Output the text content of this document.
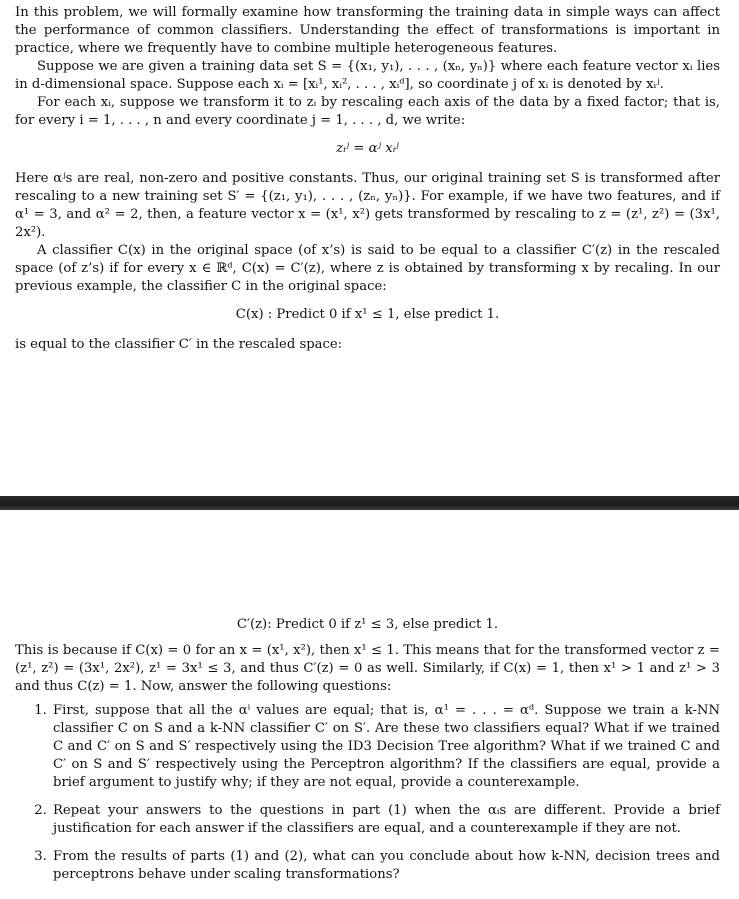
In this problem, we will formally examine how transforming the training data in simple ways can affect the performance of common classifiers. Understanding the effect of transformations is important in practice, where we frequently have to combine multiple heterogeneous features.

Suppose we are given a training data set S = {(x₁, y₁), . . . , (xₙ, yₙ)} where each feature vector xᵢ lies in d-dimensional space. Suppose each xᵢ = [xᵢ¹, xᵢ², . . . , xᵢᵈ], so coordinate j of xᵢ is denoted by xᵢʲ.

For each xᵢ, suppose we transform it to zᵢ by rescaling each axis of the data by a fixed factor; that is, for every i = 1, . . . , n and every coordinate j = 1, . . . , d, we write:

zᵢʲ = αʲ xᵢʲ

Here αʲs are real, non-zero and positive constants. Thus, our original training set S is transformed after rescaling to a new training set S′ = {(z₁, y₁), . . . , (zₙ, yₙ)}. For example, if we have two features, and if α¹ = 3, and α² = 2, then, a feature vector x = (x¹, x²) gets transformed by rescaling to z = (z¹, z²) = (3x¹, 2x²).

A classifier C(x) in the original space (of x’s) is said to be equal to a classifier C′(z) in the rescaled space (of z’s) if for every x ∈ ℝᵈ, C(x) = C′(z), where z is obtained by transforming x by recaling. In our previous example, the classifier C in the original space:

C(x) : Predict 0 if x¹ ≤ 1, else predict 1.

is equal to the classifier C′ in the rescaled space:

C′(z): Predict 0 if z¹ ≤ 3, else predict 1.

This is because if C(x) = 0 for an x = (x¹, x²), then x¹ ≤ 1. This means that for the transformed vector z = (z¹, z²) = (3x¹, 2x²), z¹ = 3x¹ ≤ 3, and thus C′(z) = 0 as well. Similarly, if C(x) = 1, then x¹ > 1 and z¹ > 3 and thus C(z) = 1. Now, answer the following questions:

1. First, suppose that all the αⁱ values are equal; that is, α¹ = . . . = αᵈ. Suppose we train a k-NN classifier C on S and a k-NN classifier C′ on S′. Are these two classifiers equal? What if we trained C and C′ on S and S′ respectively using the ID3 Decision Tree algorithm? What if we trained C and C′ on S and S′ respectively using the Perceptron algorithm? If the classifiers are equal, provide a brief argument to justify why; if they are not equal, provide a counterexample.
2. Repeat your answers to the questions in part (1) when the αᵢs are different. Provide a brief justification for each answer if the classifiers are equal, and a counterexample if they are not.
3. From the results of parts (1) and (2), what can you conclude about how k-NN, decision trees and perceptrons behave under scaling transformations?
